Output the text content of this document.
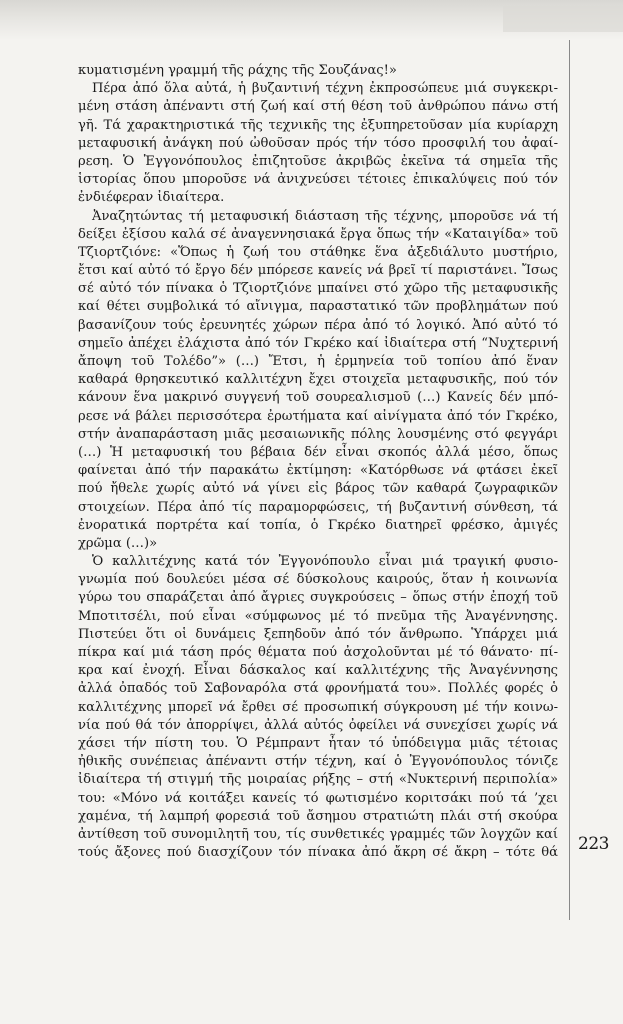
κυματισμένη γραμμή τῆς ράχης τῆς Σουζάνας!»
Πέρα ἀπό ὅλα αὐτά, ἡ βυζαντινή τέχνη ἐκπροσώπευε μιά συγκεκρι-
μένη στάση ἀπέναντι στή ζωή καί στή θέση τοῦ ἀνθρώπου πάνω στή
γῆ. Τά χαρακτηριστικά τῆς τεχνικῆς της ἐξυπηρετοῦσαν μία κυρίαρχη
μεταφυσική ἀνάγκη πού ὠθοῦσαν πρός τήν τόσο προσφιλή του ἀφαί-
ρεση. Ὁ Ἐγγονόπουλος ἐπιζητοῦσε ἀκριβῶς ἐκεῖνα τά σημεῖα τῆς
ἱστορίας ὅπου μποροῦσε νά ἀνιχνεύσει τέτοιες ἐπικαλύψεις πού τόν
ἐνδιέφεραν ἰδιαίτερα.
Ἀναζητώντας τή μεταφυσική διάσταση τῆς τέχνης, μποροῦσε νά τή
δείξει ἐξίσου καλά σέ ἀναγεννησιακά ἔργα ὅπως τήν «Καταιγίδα» τοῦ
Τζιορτζιόνε: «Ὅπως ἡ ζωή του στάθηκε ἕνα ἀξεδιάλυτο μυστήριο,
ἔτσι καί αὐτό τό ἔργο δέν μπόρεσε κανείς νά βρεῖ τί παριστάνει. Ἴσως
σέ αὐτό τόν πίνακα ὁ Τζιορτζιόνε μπαίνει στό χῶρο τῆς μεταφυσικῆς
καί θέτει συμβολικά τό αἴνιγμα, παραστατικό τῶν προβλημάτων πού
βασανίζουν τούς ἐρευνητές χώρων πέρα ἀπό τό λογικό. Ἀπό αὐτό τό
σημεῖο ἀπέχει ἐλάχιστα ἀπό τόν Γκρέκο καί ἰδιαίτερα στή “Νυχτερινή
ἄποψη τοῦ Τολέδο”» (…) Ἔτσι, ἡ ἑρμηνεία τοῦ τοπίου ἀπό ἕναν
καθαρά θρησκευτικό καλλιτέχνη ἔχει στοιχεῖα μεταφυσικῆς, πού τόν
κάνουν ἕνα μακρινό συγγενή τοῦ σουρεαλισμοῦ (…) Κανείς δέν μπό-
ρεσε νά βάλει περισσότερα ἐρωτήματα καί αἰνίγματα ἀπό τόν Γκρέκο,
στήν ἀναπαράσταση μιᾶς μεσαιωνικῆς πόλης λουσμένης στό φεγγάρι
(…) Ἡ μεταφυσική του βέβαια δέν εἶναι σκοπός ἀλλά μέσο, ὅπως
φαίνεται ἀπό τήν παρακάτω ἐκτίμηση: «Κατόρθωσε νά φτάσει ἐκεῖ
πού ἤθελε χωρίς αὐτό νά γίνει εἰς βάρος τῶν καθαρά ζωγραφικῶν
στοιχείων. Πέρα ἀπό τίς παραμορφώσεις, τή βυζαντινή σύνθεση, τά
ἐνορατικά πορτρέτα καί τοπία, ὁ Γκρέκο διατηρεῖ φρέσκο, ἀμιγές
χρῶμα (…)»
Ὁ καλλιτέχνης κατά τόν Ἐγγονόπουλο εἶναι μιά τραγική φυσιο-
γνωμία πού δουλεύει μέσα σέ δύσκολους καιρούς, ὅταν ἡ κοινωνία
γύρω του σπαράζεται ἀπό ἄγριες συγκρούσεις – ὅπως στήν ἐποχή τοῦ
Μποτιτσέλι, πού εἶναι «σύμφωνος μέ τό πνεῦμα τῆς Ἀναγέννησης.
Πιστεύει ὅτι οἱ δυνάμεις ξεπηδοῦν ἀπό τόν ἄνθρωπο. Ὑπάρχει μιά
πίκρα καί μιά τάση πρός θέματα πού ἀσχολοῦνται μέ τό θάνατο· πί-
κρα καί ἐνοχή. Εἶναι δάσκαλος καί καλλιτέχνης τῆς Ἀναγέννησης
ἀλλά ὀπαδός τοῦ Σαβοναρόλα στά φρονήματά του». Πολλές φορές ὁ
καλλιτέχνης μπορεῖ νά ἔρθει σέ προσωπική σύγκρουση μέ τήν κοινω-
νία πού θά τόν ἀπορρίψει, ἀλλά αὐτός ὀφείλει νά συνεχίσει χωρίς νά
χάσει τήν πίστη του. Ὁ Ρέμπραντ ἦταν τό ὑπόδειγμα μιᾶς τέτοιας
ἠθικῆς συνέπειας ἀπέναντι στήν τέχνη, καί ὁ Ἐγγονόπουλος τόνιζε
ἰδιαίτερα τή στιγμή τῆς μοιραίας ρήξης – στή «Νυκτερινή περιπολία»
του: «Μόνο νά κοιτάξει κανείς τό φωτισμένο κοριτσάκι πού τά ’χει
χαμένα, τή λαμπρή φορεσιά τοῦ ἄσημου στρατιώτη πλάι στή σκούρα
ἀντίθεση τοῦ συνομιλητῆ του, τίς συνθετικές γραμμές τῶν λογχῶν καί
τούς ἄξονες πού διασχίζουν τόν πίνακα ἀπό ἄκρη σέ ἄκρη – τότε θά 223
